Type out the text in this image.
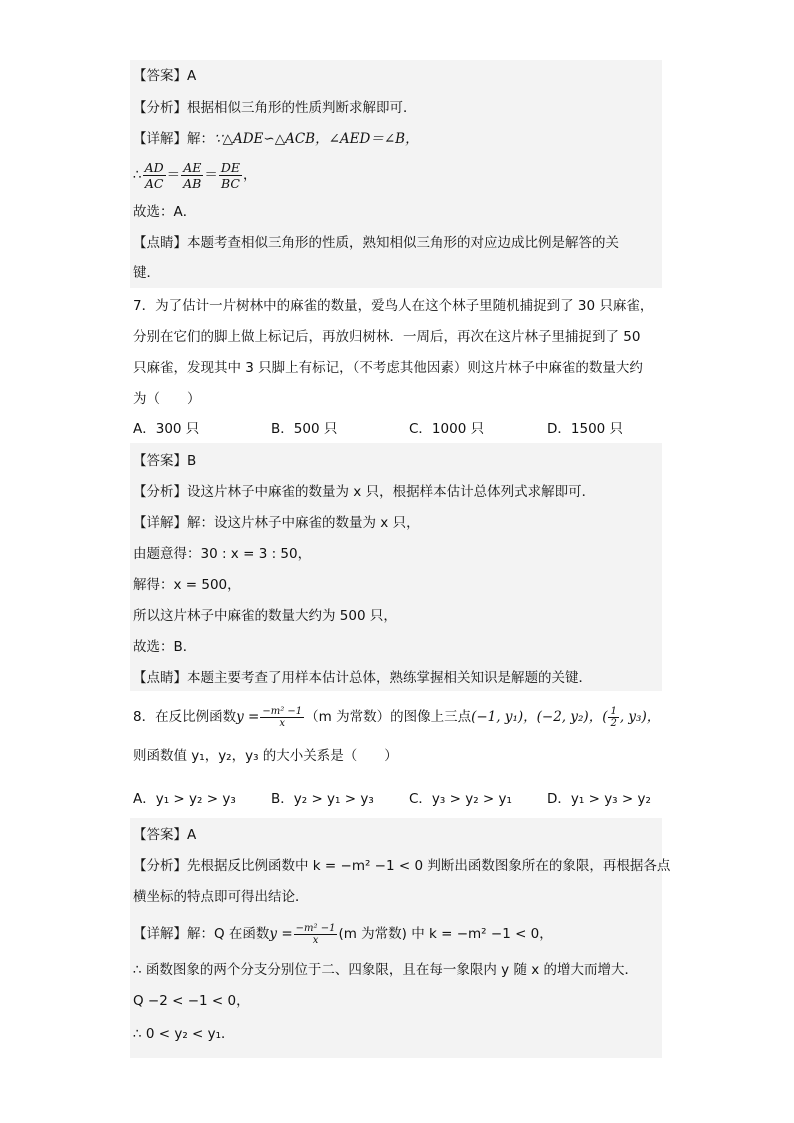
【答案】A
【分析】根据相似三角形的性质判断求解即可．
【详解】解：∵△ADE∽△ACB，∠AED＝∠B，
∴ $\frac{AD}{AC} = \frac{AE}{AB} = \frac{DE}{BC}$ ，
故选：A．
【点睛】本题考查相似三角形的性质，熟知相似三角形的对应边成比例是解答的关
键．
7．为了估计一片树林中的麻雀的数量，爱鸟人在这个林子里随机捕捉到了 30 只麻雀，
分别在它们的脚上做上标记后，再放归树林．一周后，再次在这片林子里捕捉到了 50
只麻雀，发现其中 3 只脚上有标记，（不考虑其他因素）则这片林子中麻雀的数量大约
为（　　）
A．300 只	B．500 只	C．1000 只	D．1500 只
【答案】B
【分析】设这片林子中麻雀的数量为 x 只，根据样本估计总体列式求解即可．
【详解】解：设这片林子中麻雀的数量为 x 只，
由题意得：30 : x = 3 : 50，
解得：x = 500，
所以这片林子中麻雀的数量大约为 500 只，
故选：B．
【点睛】本题主要考查了用样本估计总体，熟练掌握相关知识是解题的关键．
8．在反比例函数$y = \frac{\text{−m² −1}}{x} (m$ 为常数）的图像上三点(−1, y₁)，(−2, y₂)，( $\frac{1}{2}$ , y₃)，
则函数值 y₁，y₂，y₃ 的大小关系是（　　）
A．y₁ > y₂ > y₃	B．y₂ > y₁ > y₃	C．y₃ > y₂ > y₁	D．y₁ > y₃ > y₂
【答案】A
【分析】先根据反比例函数中 k = −m² −1 < 0 判断出函数图象所在的象限，再根据各点
横坐标的特点即可得出结论．
【详解】解：Q 在函数$y = \frac{\text{−m² −1}}{x} (m$ 为常数) 中 k = −m² −1 < 0，
∴ 函数图象的两个分支分别位于二、四象限，且在每一象限内 y 随 x 的增大而增大．
Q −2 < −1 < 0，
∴ 0 < y₂ < y₁．
